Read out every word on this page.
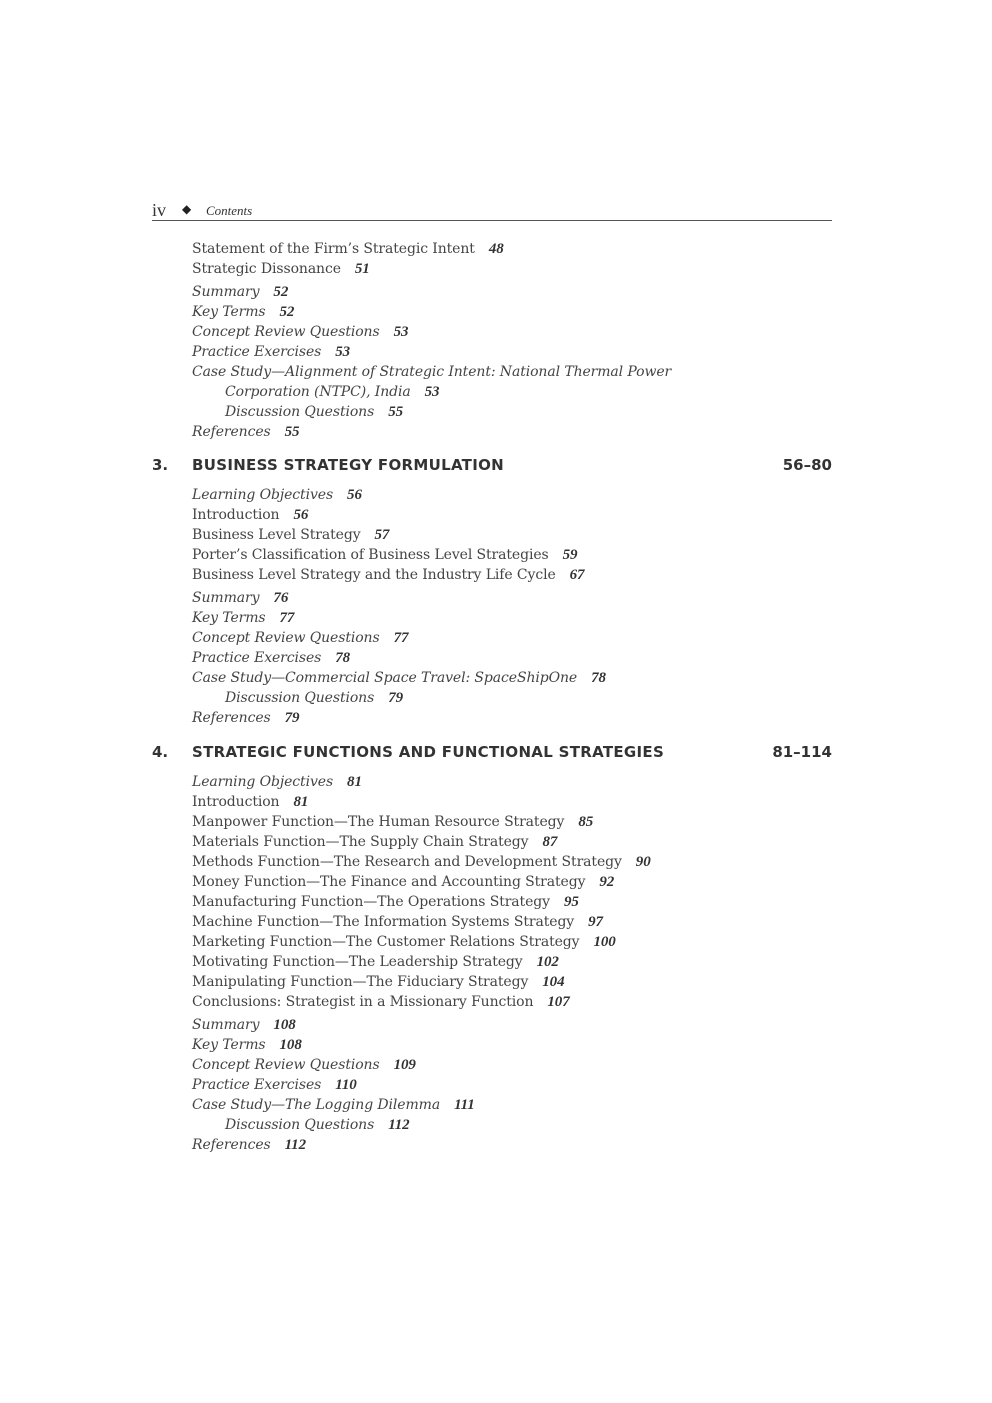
iv ◆ Contents
Statement of the Firm’s Strategic Intent 48
Strategic Dissonance 51
Summary 52
Key Terms 52
Concept Review Questions 53
Practice Exercises 53
Case Study—Alignment of Strategic Intent: National Thermal Power
Corporation (NTPC), India 53
Discussion Questions 55
References 55
3. BUSINESS STRATEGY FORMULATION	56–80
Learning Objectives 56
Introduction 56
Business Level Strategy 57
Porter’s Classification of Business Level Strategies 59
Business Level Strategy and the Industry Life Cycle 67
Summary 76
Key Terms 77
Concept Review Questions 77
Practice Exercises 78
Case Study—Commercial Space Travel: SpaceShipOne 78
Discussion Questions 79
References 79
4. STRATEGIC FUNCTIONS AND FUNCTIONAL STRATEGIES	81–114
Learning Objectives 81
Introduction 81
Manpower Function—The Human Resource Strategy 85
Materials Function—The Supply Chain Strategy 87
Methods Function—The Research and Development Strategy 90
Money Function—The Finance and Accounting Strategy 92
Manufacturing Function—The Operations Strategy 95
Machine Function—The Information Systems Strategy 97
Marketing Function—The Customer Relations Strategy 100
Motivating Function—The Leadership Strategy 102
Manipulating Function—The Fiduciary Strategy 104
Conclusions: Strategist in a Missionary Function 107
Summary 108
Key Terms 108
Concept Review Questions 109
Practice Exercises 110
Case Study—The Logging Dilemma 111
Discussion Questions 112
References 112
